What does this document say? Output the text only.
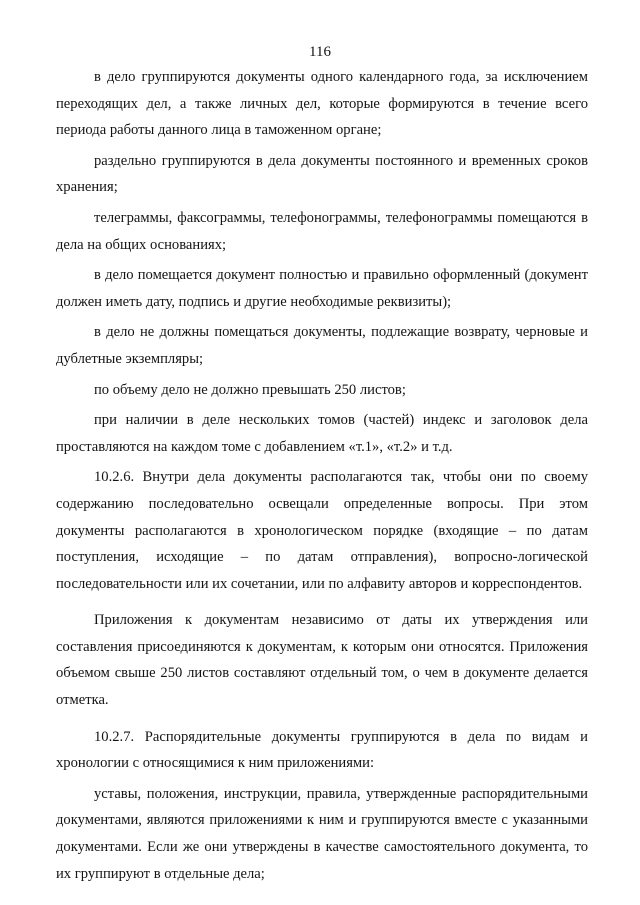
116

в дело группируются документы одного календарного года, за исключением переходящих дел, а также личных дел, которые формируются в течение всего периода работы данного лица в таможенном органе;

раздельно группируются в дела документы постоянного и временных сроков хранения;

телеграммы, факсограммы, телефонограммы, телефонограммы помещаются в дела на общих основаниях;

в дело помещается документ полностью и правильно оформленный (документ должен иметь дату, подпись и другие необходимые реквизиты);

в дело не должны помещаться документы, подлежащие возврату, черновые и дублетные экземпляры;

по объему дело не должно превышать 250 листов;

при наличии в деле нескольких томов (частей) индекс и заголовок дела проставляются на каждом томе с добавлением «т.1», «т.2» и т.д.

10.2.6. Внутри дела документы располагаются так, чтобы они по своему содержанию последовательно освещали определенные вопросы. При этом документы располагаются в хронологическом порядке (входящие – по датам поступления, исходящие – по датам отправления), вопросно-логической последовательности или их сочетании, или по алфавиту авторов и корреспондентов.

Приложения к документам независимо от даты их утверждения или составления присоединяются к документам, к которым они относятся. Приложения объемом свыше 250 листов составляют отдельный том, о чем в документе делается отметка.

10.2.7. Распорядительные документы группируются в дела по видам и хронологии с относящимися к ним приложениями:

уставы, положения, инструкции, правила, утвержденные распорядительными документами, являются приложениями к ним и группируются вместе с указанными документами. Если же они утверждены в качестве самостоятельного документа, то их группируют в отдельные дела;
